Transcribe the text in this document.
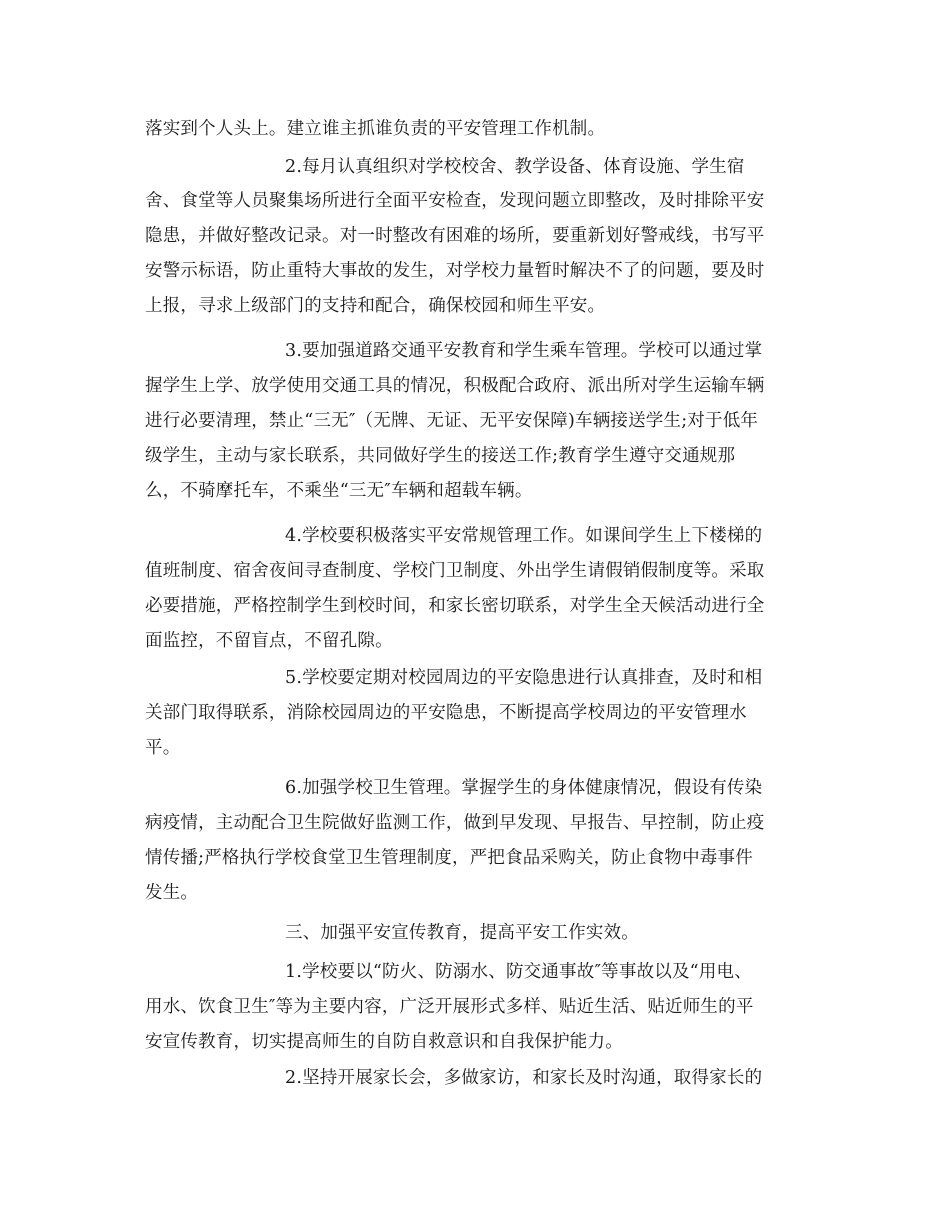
落实到个人头上。建立谁主抓谁负责的平安管理工作机制。
2.每月认真组织对学校校舍、教学设备、体育设施、学生宿
舍、食堂等人员聚集场所进行全面平安检查，发现问题立即整改，及时排除平安
隐患，并做好整改记录。对一时整改有困难的场所，要重新划好警戒线，书写平
安警示标语，防止重特大事故的发生，对学校力量暂时解决不了的问题，要及时
上报，寻求上级部门的支持和配合，确保校园和师生平安。
3.要加强道路交通平安教育和学生乘车管理。学校可以通过掌
握学生上学、放学使用交通工具的情况，积极配合政府、派出所对学生运输车辆
进行必要清理，禁止“三无″（无牌、无证、无平安保障)车辆接送学生;对于低年
级学生，主动与家长联系，共同做好学生的接送工作;教育学生遵守交通规那
么，不骑摩托车，不乘坐“三无″车辆和超载车辆。
4.学校要积极落实平安常规管理工作。如课间学生上下楼梯的
值班制度、宿舍夜间寻查制度、学校门卫制度、外出学生请假销假制度等。采取
必要措施，严格控制学生到校时间，和家长密切联系，对学生全天候活动进行全
面监控，不留盲点，不留孔隙。
5.学校要定期对校园周边的平安隐患进行认真排查，及时和相
关部门取得联系，消除校园周边的平安隐患，不断提高学校周边的平安管理水
平。
6.加强学校卫生管理。掌握学生的身体健康情况，假设有传染
病疫情，主动配合卫生院做好监测工作，做到早发现、早报告、早控制，防止疫
情传播;严格执行学校食堂卫生管理制度，严把食品采购关，防止食物中毒事件
发生。
三、加强平安宣传教育，提高平安工作实效。
1.学校要以“防火、防溺水、防交通事故″等事故以及“用电、
用水、饮食卫生″等为主要内容，广泛开展形式多样、贴近生活、贴近师生的平
安宣传教育，切实提高师生的自防自救意识和自我保护能力。
2.坚持开展家长会，多做家访，和家长及时沟通，取得家长的
